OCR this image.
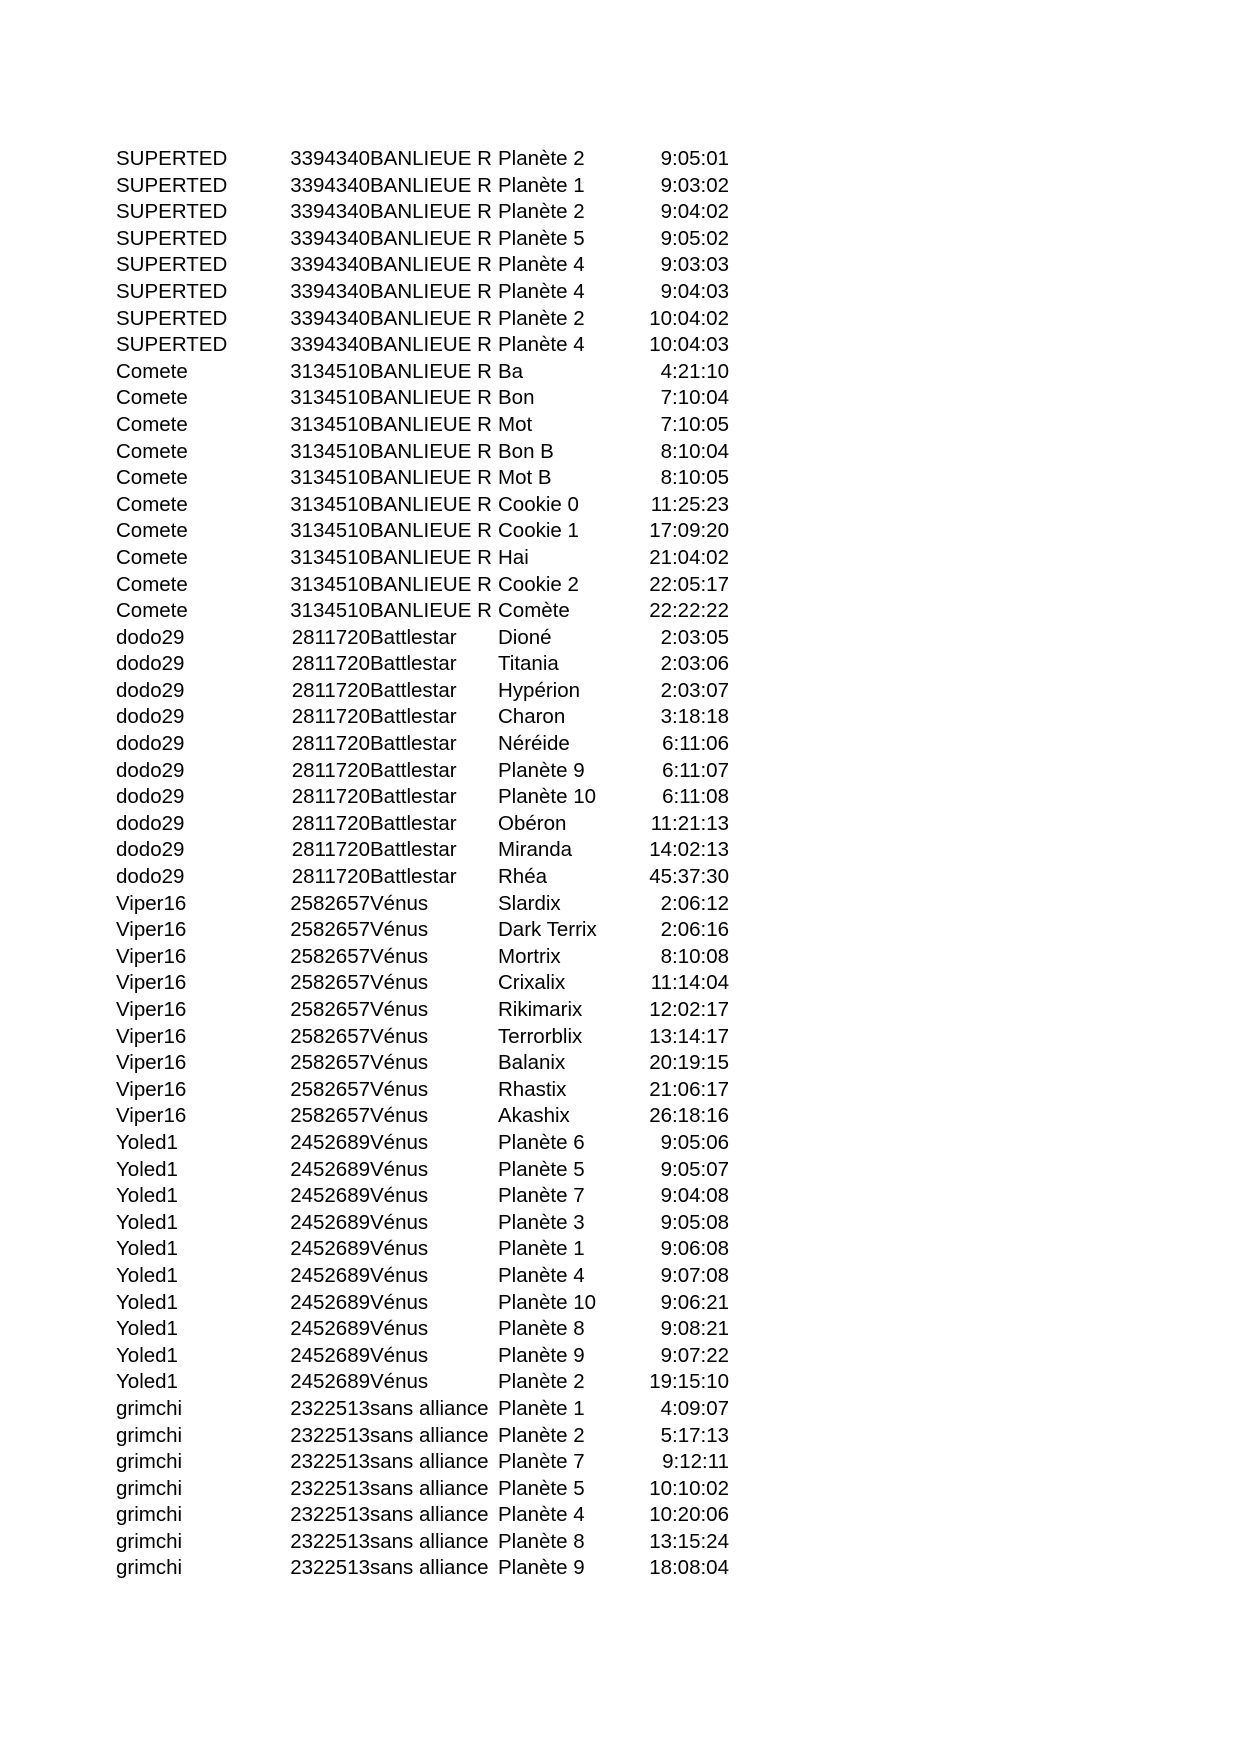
SUPERTED	3394340	BANLIEUE R	Planète 2	9:05:01
SUPERTED	3394340	BANLIEUE R	Planète 1	9:03:02
SUPERTED	3394340	BANLIEUE R	Planète 2	9:04:02
SUPERTED	3394340	BANLIEUE R	Planète 5	9:05:02
SUPERTED	3394340	BANLIEUE R	Planète 4	9:03:03
SUPERTED	3394340	BANLIEUE R	Planète 4	9:04:03
SUPERTED	3394340	BANLIEUE R	Planète 2	10:04:02
SUPERTED	3394340	BANLIEUE R	Planète 4	10:04:03
Comete	3134510	BANLIEUE R	Ba	4:21:10
Comete	3134510	BANLIEUE R	Bon	7:10:04
Comete	3134510	BANLIEUE R	Mot	7:10:05
Comete	3134510	BANLIEUE R	Bon B	8:10:04
Comete	3134510	BANLIEUE R	Mot B	8:10:05
Comete	3134510	BANLIEUE R	Cookie 0	11:25:23
Comete	3134510	BANLIEUE R	Cookie 1	17:09:20
Comete	3134510	BANLIEUE R	Hai	21:04:02
Comete	3134510	BANLIEUE R	Cookie 2	22:05:17
Comete	3134510	BANLIEUE R	Comète	22:22:22
dodo29	2811720	Battlestar	Dioné	2:03:05
dodo29	2811720	Battlestar	Titania	2:03:06
dodo29	2811720	Battlestar	Hypérion	2:03:07
dodo29	2811720	Battlestar	Charon	3:18:18
dodo29	2811720	Battlestar	Néréide	6:11:06
dodo29	2811720	Battlestar	Planète 9	6:11:07
dodo29	2811720	Battlestar	Planète 10	6:11:08
dodo29	2811720	Battlestar	Obéron	11:21:13
dodo29	2811720	Battlestar	Miranda	14:02:13
dodo29	2811720	Battlestar	Rhéa	45:37:30
Viper16	2582657	Vénus	Slardix	2:06:12
Viper16	2582657	Vénus	Dark Terrix	2:06:16
Viper16	2582657	Vénus	Mortrix	8:10:08
Viper16	2582657	Vénus	Crixalix	11:14:04
Viper16	2582657	Vénus	Rikimarix	12:02:17
Viper16	2582657	Vénus	Terrorblix	13:14:17
Viper16	2582657	Vénus	Balanix	20:19:15
Viper16	2582657	Vénus	Rhastix	21:06:17
Viper16	2582657	Vénus	Akashix	26:18:16
Yoled1	2452689	Vénus	Planète 6	9:05:06
Yoled1	2452689	Vénus	Planète 5	9:05:07
Yoled1	2452689	Vénus	Planète 7	9:04:08
Yoled1	2452689	Vénus	Planète 3	9:05:08
Yoled1	2452689	Vénus	Planète 1	9:06:08
Yoled1	2452689	Vénus	Planète 4	9:07:08
Yoled1	2452689	Vénus	Planète 10	9:06:21
Yoled1	2452689	Vénus	Planète 8	9:08:21
Yoled1	2452689	Vénus	Planète 9	9:07:22
Yoled1	2452689	Vénus	Planète 2	19:15:10
grimchi	2322513	sans alliance	Planète 1	4:09:07
grimchi	2322513	sans alliance	Planète 2	5:17:13
grimchi	2322513	sans alliance	Planète 7	9:12:11
grimchi	2322513	sans alliance	Planète 5	10:10:02
grimchi	2322513	sans alliance	Planète 4	10:20:06
grimchi	2322513	sans alliance	Planète 8	13:15:24
grimchi	2322513	sans alliance	Planète 9	18:08:04
